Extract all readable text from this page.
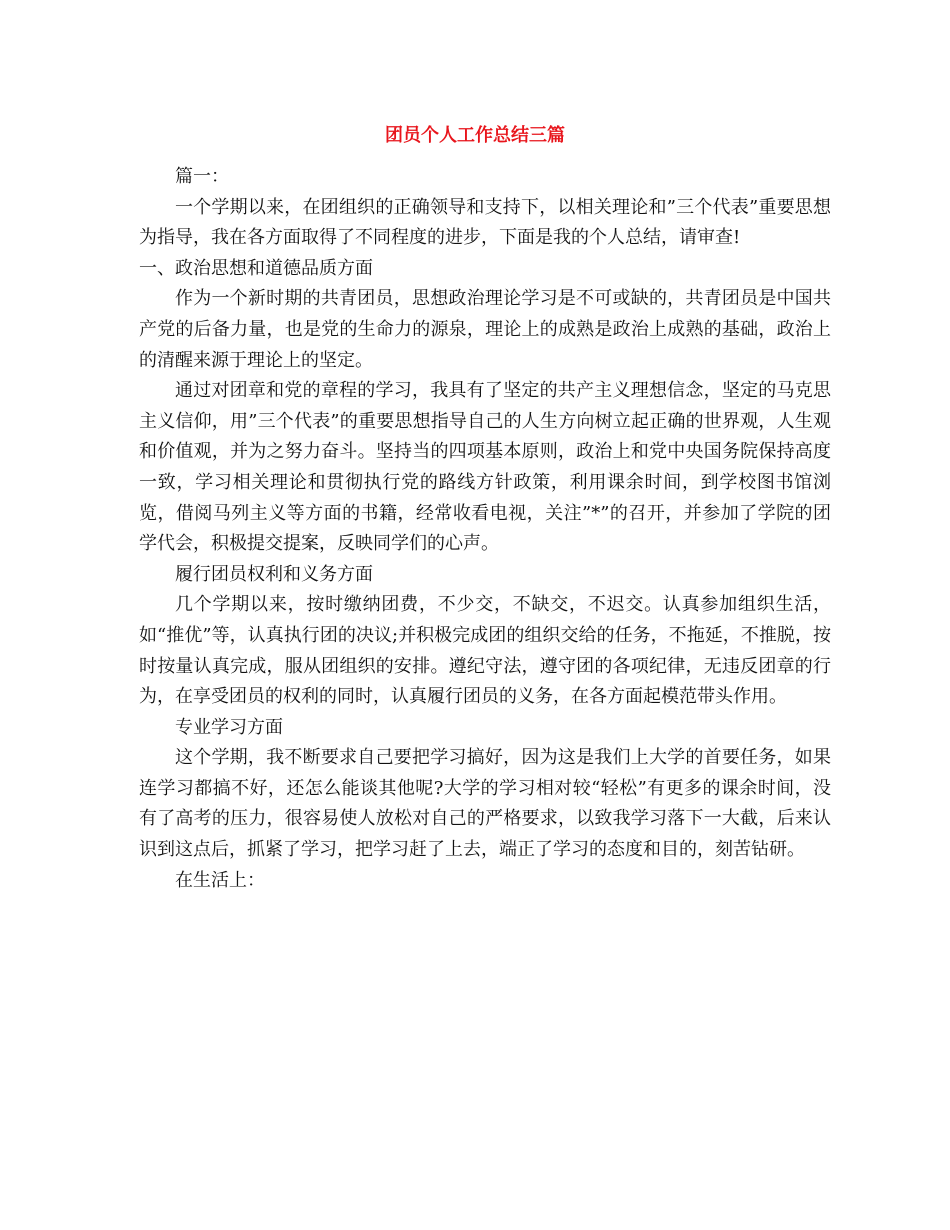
团员个人工作总结三篇

篇一：

一个学期以来，在团组织的正确领导和支持下，以相关理论和”三个代表”重要思想为指导，我在各方面取得了不同程度的进步，下面是我的个人总结，请审查!

一、政治思想和道德品质方面

作为一个新时期的共青团员，思想政治理论学习是不可或缺的，共青团员是中国共产党的后备力量，也是党的生命力的源泉，理论上的成熟是政治上成熟的基础，政治上的清醒来源于理论上的坚定。

通过对团章和党的章程的学习，我具有了坚定的共产主义理想信念，坚定的马克思主义信仰，用”三个代表”的重要思想指导自己的人生方向树立起正确的世界观，人生观和价值观，并为之努力奋斗。坚持当的四项基本原则，政治上和党中央国务院保持高度一致，学习相关理论和贯彻执行党的路线方针政策，利用课余时间，到学校图书馆浏览，借阅马列主义等方面的书籍，经常收看电视，关注”*”的召开，并参加了学院的团学代会，积极提交提案，反映同学们的心声。

履行团员权利和义务方面

几个学期以来，按时缴纳团费，不少交，不缺交，不迟交。认真参加组织生活，如“推优”等，认真执行团的决议;并积极完成团的组织交给的任务，不拖延，不推脱，按时按量认真完成，服从团组织的安排。遵纪守法，遵守团的各项纪律，无违反团章的行为，在享受团员的权利的同时，认真履行团员的义务，在各方面起模范带头作用。

专业学习方面

这个学期，我不断要求自己要把学习搞好，因为这是我们上大学的首要任务，如果连学习都搞不好，还怎么能谈其他呢?大学的学习相对较“轻松”有更多的课余时间，没有了高考的压力，很容易使人放松对自己的严格要求，以致我学习落下一大截，后来认识到这点后，抓紧了学习，把学习赶了上去，端正了学习的态度和目的，刻苦钻研。

在生活上：
